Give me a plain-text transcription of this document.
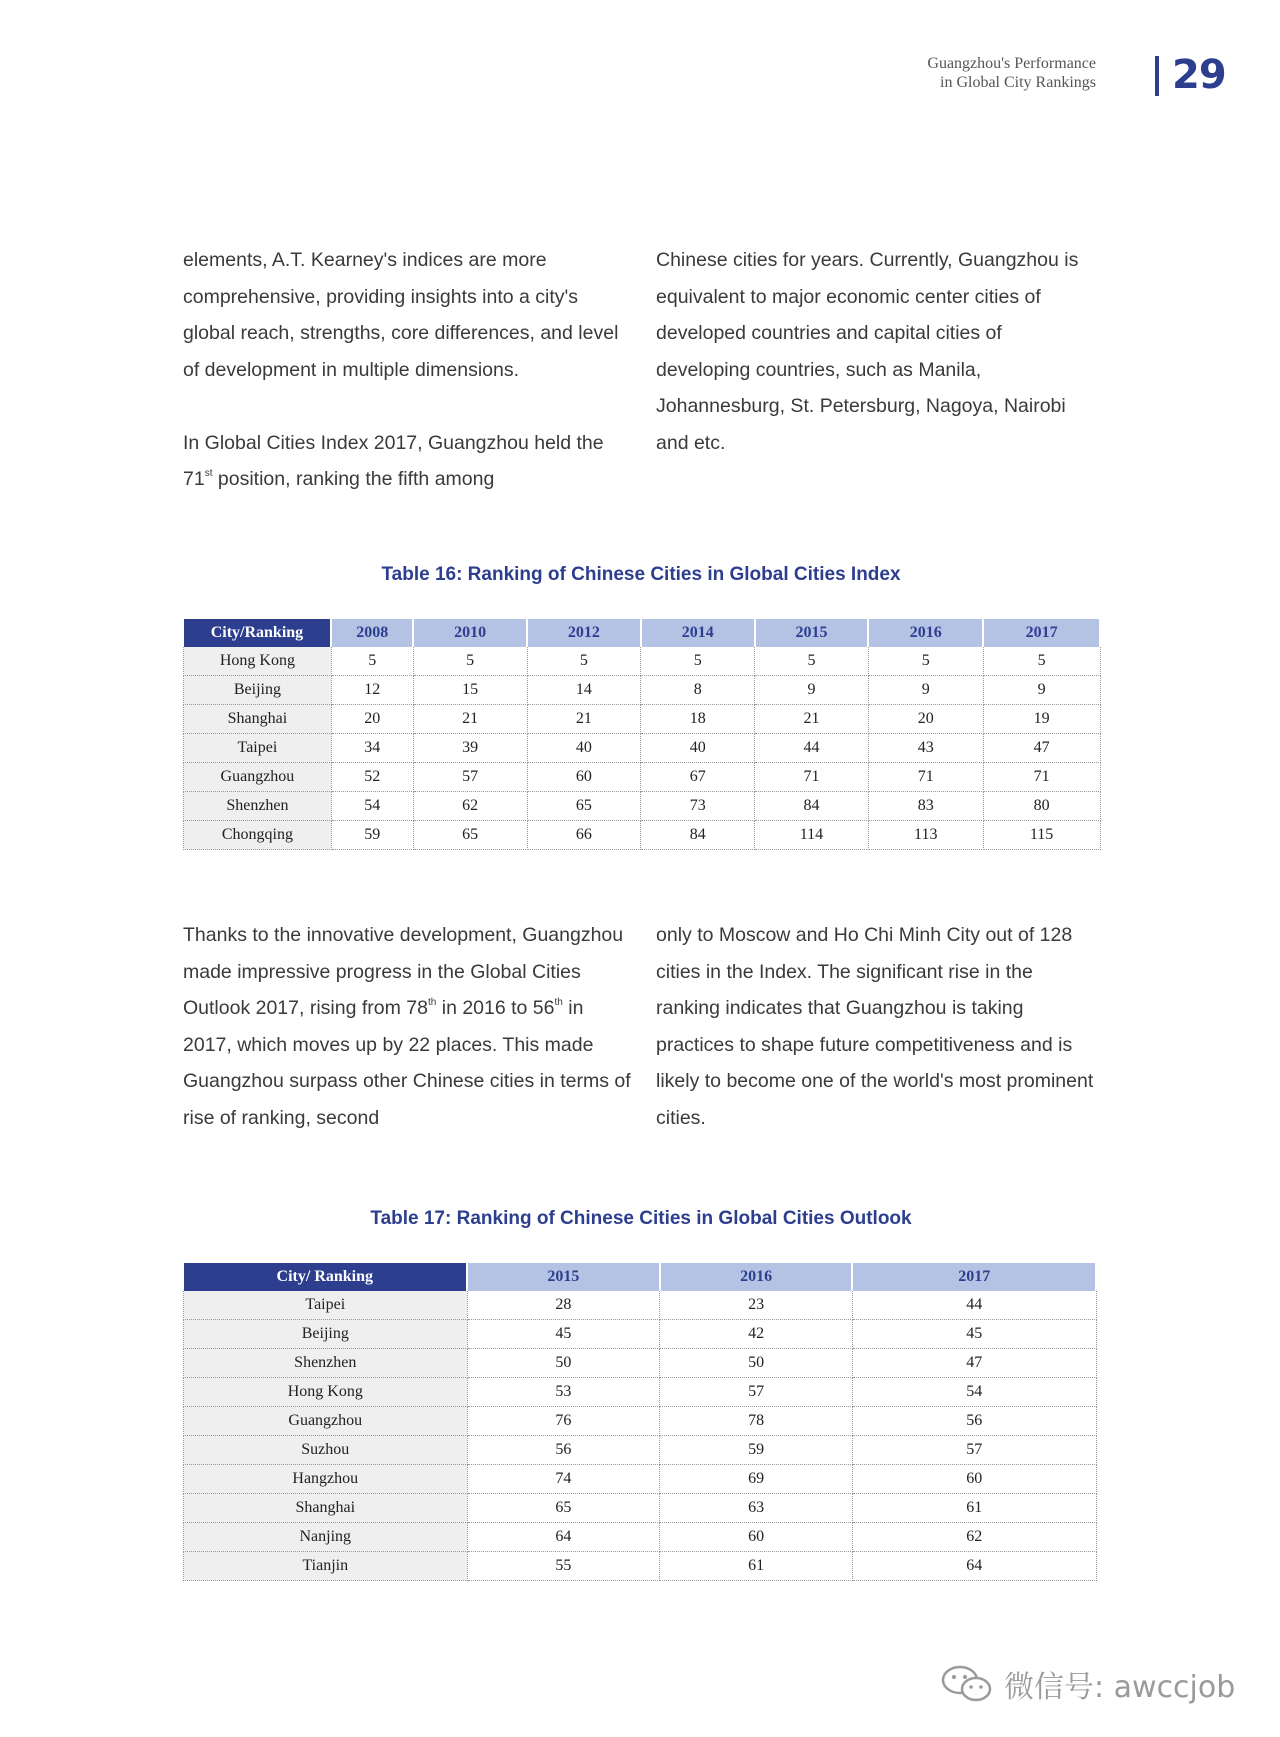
Guangzhou's Performance
in Global City Rankings 29

elements, A.T. Kearney's indices are more comprehensive, providing insights into a city's global reach, strengths, core differences, and level of development in multiple dimensions.

In Global Cities Index 2017, Guangzhou held the 71st position, ranking the fifth among

Chinese cities for years. Currently, Guangzhou is equivalent to major economic center cities of developed countries and capital cities of developing countries, such as Manila, Johannesburg, St. Petersburg, Nagoya, Nairobi and etc.

Table 16: Ranking of Chinese Cities in Global Cities Index
City/Ranking	2008	2010	2012	2014	2015	2016	2017
Hong Kong	5	5	5	5	5	5	5
Beijing	12	15	14	8	9	9	9
Shanghai	20	21	21	18	21	20	19
Taipei	34	39	40	40	44	43	47
Guangzhou	52	57	60	67	71	71	71
Shenzhen	54	62	65	73	84	83	80
Chongqing	59	65	66	84	114	113	115

Thanks to the innovative development, Guangzhou made impressive progress in the Global Cities Outlook 2017, rising from 78th in 2016 to 56th in 2017, which moves up by 22 places. This made Guangzhou surpass other Chinese cities in terms of rise of ranking, second

only to Moscow and Ho Chi Minh City out of 128 cities in the Index. The significant rise in the ranking indicates that Guangzhou is taking practices to shape future competitiveness and is likely to become one of the world's most prominent cities.

Table 17: Ranking of Chinese Cities in Global Cities Outlook
City/ Ranking	2015	2016	2017
Taipei	28	23	44
Beijing	45	42	45
Shenzhen	50	50	47
Hong Kong	53	57	54
Guangzhou	76	78	56
Suzhou	56	59	57
Hangzhou	74	69	60
Shanghai	65	63	61
Nanjing	64	60	62
Tianjin	55	61	64
微信号: awccjob
